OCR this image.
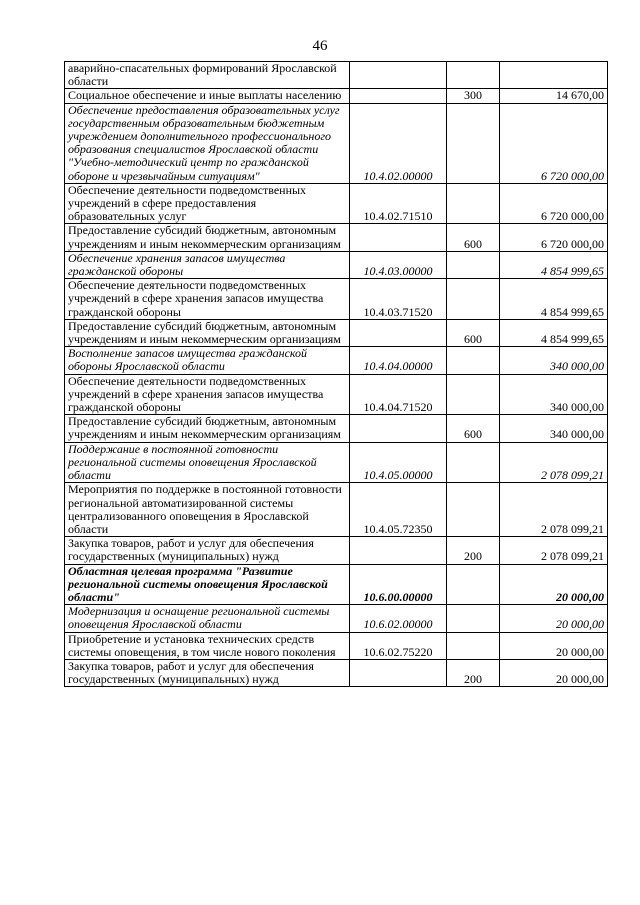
46
аварийно-спасательных формирований Ярославской области			
Социальное обеспечение и иные выплаты населению		300	14 670,00
Обеспечение предоставления образовательных услуг государственным образовательным бюджетным учреждением дополнительного профессионального образования специалистов Ярославской области "Учебно-методический центр по гражданской обороне и чрезвычайным ситуациям"	10.4.02.00000		6 720 000,00
Обеспечение деятельности подведомственных учреждений в сфере предоставления образовательных услуг	10.4.02.71510		6 720 000,00
Предоставление субсидий бюджетным, автономным учреждениям и иным некоммерческим организациям		600	6 720 000,00
Обеспечение хранения запасов имущества гражданской обороны	10.4.03.00000		4 854 999,65
Обеспечение деятельности подведомственных учреждений в сфере хранения запасов имущества гражданской обороны	10.4.03.71520		4 854 999,65
Предоставление субсидий бюджетным, автономным учреждениям и иным некоммерческим организациям		600	4 854 999,65
Восполнение запасов имущества гражданской обороны Ярославской области	10.4.04.00000		340 000,00
Обеспечение деятельности подведомственных учреждений в сфере хранения запасов имущества гражданской обороны	10.4.04.71520		340 000,00
Предоставление субсидий бюджетным, автономным учреждениям и иным некоммерческим организациям		600	340 000,00
Поддержание в постоянной готовности региональной системы оповещения Ярославской области	10.4.05.00000		2 078 099,21
Мероприятия по поддержке в постоянной готовности региональной автоматизированной системы централизованного оповещения в Ярославской области	10.4.05.72350		2 078 099,21
Закупка товаров, работ и услуг для обеспечения государственных (муниципальных) нужд		200	2 078 099,21
Областная целевая программа "Развитие региональной системы оповещения Ярославской области"	10.6.00.00000		20 000,00
Модернизация и оснащение региональной системы оповещения Ярославской области	10.6.02.00000		20 000,00
Приобретение и установка технических средств системы оповещения, в том числе нового поколения	10.6.02.75220		20 000,00
Закупка товаров, работ и услуг для обеспечения государственных (муниципальных) нужд		200	20 000,00
